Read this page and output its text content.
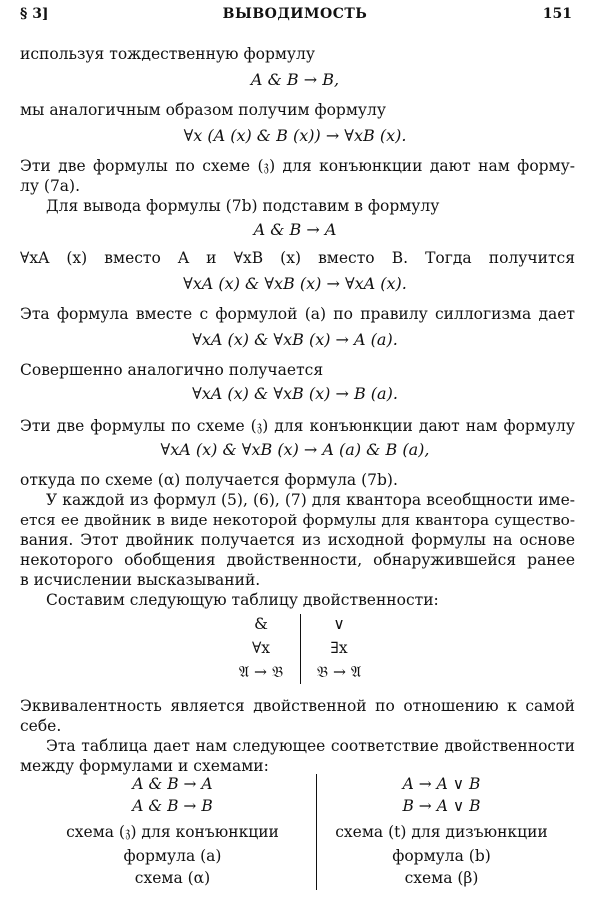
ВЫВОДИМОСТЬ
§ 3]	151
используя тождественную формулу
A & B → B,
мы аналогичным образом получим формулу
∀x (A (x) & B (x)) → ∀xB (x).
Эти две формулы по схеме (𝔷) для конъюнкции дают нам форму-
лу (7a).
Для вывода формулы (7b) подставим в формулу
A & B → A
∀xA (x) вместо A и ∀xB (x) вместо B. Тогда получится
∀xA (x) & ∀xB (x) → ∀xA (x).
Эта формула вместе с формулой (a) по правилу силлогизма дает
∀xA (x) & ∀xB (x) → A (a).
Совершенно аналогично получается
∀xA (x) & ∀xB (x) → B (a).
Эти две формулы по схеме (𝔷) для конъюнкции дают нам формулу
∀xA (x) & ∀xB (x) → A (a) & B (a),
откуда по схеме (α) получается формула (7b).
У каждой из формул (5), (6), (7) для квантора всеобщности име-
ется ее двойник в виде некоторой формулы для квантора существо-
вания. Этот двойник получается из исходной формулы на основе
некоторого обобщения двойственности, обнаружившейся ранее
в исчислении высказываний.
Составим следующую таблицу двойственности:
&
∀x
𝔄 → 𝔅
∨
∃x
𝔅 → 𝔄
Эквивалентность является двойственной по отношению к самой
себе.
Эта таблица дает нам следующее соответствие двойственности
между формулами и схемами:
A & B → A
A & B → B
схема (𝔷) для конъюнкции
формула (a)
схема (α)
A → A ∨ B
B → A ∨ B
схема (t) для дизъюнкции
формула (b)
схема (β)
